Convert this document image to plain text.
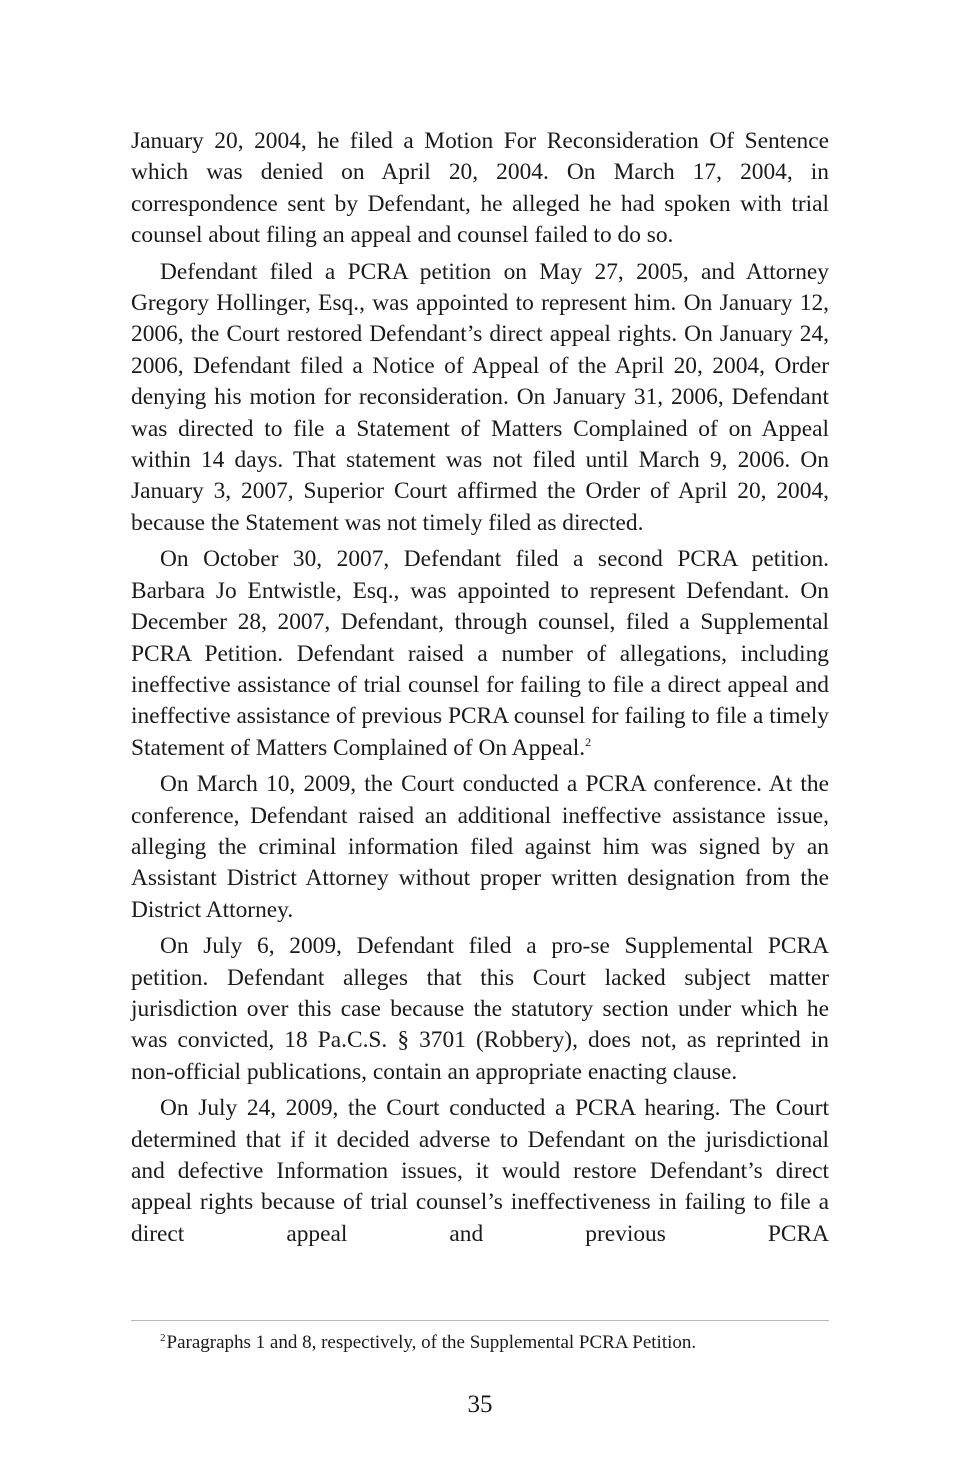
January 20, 2004, he filed a Motion For Reconsideration Of Sentence which was denied on April 20, 2004. On March 17, 2004, in correspondence sent by Defendant, he alleged he had spoken with trial counsel about filing an appeal and counsel failed to do so.

Defendant filed a PCRA petition on May 27, 2005, and Attorney Gregory Hollinger, Esq., was appointed to represent him. On January 12, 2006, the Court restored Defendant’s direct appeal rights. On January 24, 2006, Defendant filed a Notice of Appeal of the April 20, 2004, Order denying his motion for reconsideration. On January 31, 2006, Defendant was directed to file a Statement of Matters Complained of on Appeal within 14 days. That statement was not filed until March 9, 2006. On January 3, 2007, Superior Court affirmed the Order of April 20, 2004, because the Statement was not timely filed as directed.

On October 30, 2007, Defendant filed a second PCRA petition. Barbara Jo Entwistle, Esq., was appointed to represent Defendant. On December 28, 2007, Defendant, through counsel, filed a Supplemental PCRA Petition. Defendant raised a number of allegations, including ineffective assistance of trial counsel for failing to file a direct appeal and ineffective assistance of previous PCRA counsel for failing to file a timely Statement of Matters Complained of On Appeal.$^2$

On March 10, 2009, the Court conducted a PCRA conference. At the conference, Defendant raised an additional ineffective assistance issue, alleging the criminal information filed against him was signed by an Assistant District Attorney without proper written designation from the District Attorney.

On July 6, 2009, Defendant filed a pro-se Supplemental PCRA petition. Defendant alleges that this Court lacked subject matter jurisdiction over this case because the statutory section under which he was convicted, 18 Pa.C.S. § 3701 (Robbery), does not, as reprinted in non-official publications, contain an appropriate enacting clause.

On July 24, 2009, the Court conducted a PCRA hearing. The Court determined that if it decided adverse to Defendant on the jurisdictional and defective Information issues, it would restore Defendant’s direct appeal rights because of trial counsel’s ineffectiveness in failing to file a direct appeal and previous PCRA

$^2$Paragraphs 1 and 8, respectively, of the Supplemental PCRA Petition.

35
